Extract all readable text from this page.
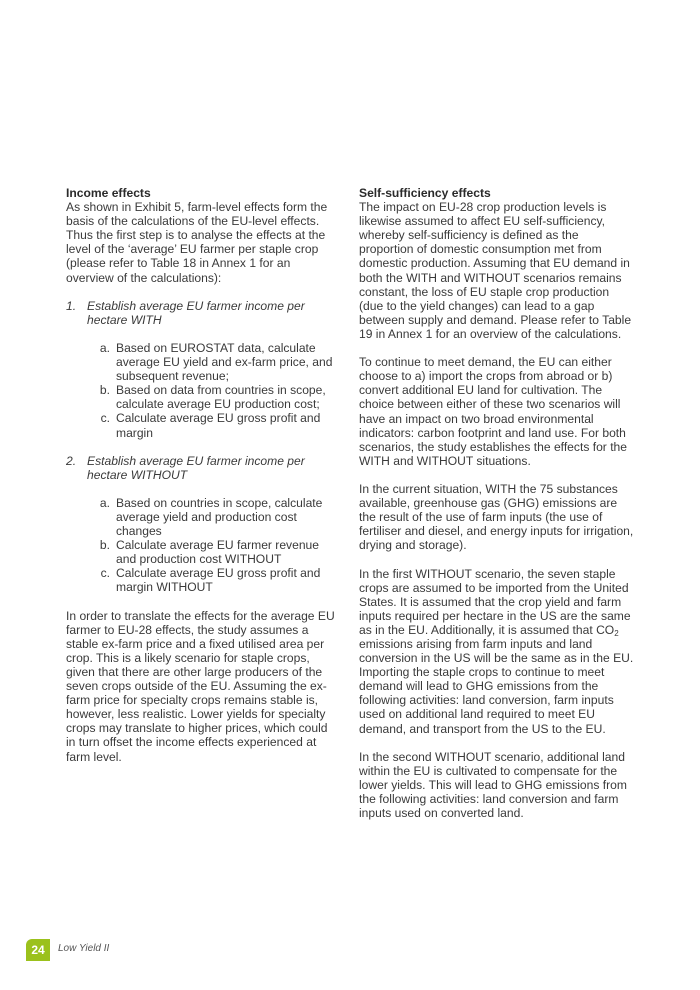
Income effects

As shown in Exhibit 5, farm-level effects form the basis of the calculations of the EU-level effects. Thus the first step is to analyse the effects at the level of the ‘average’ EU farmer per staple crop (please refer to Table 18 in Annex 1 for an overview of the calculations):

1. Establish average EU farmer income per hectare WITH
a. Based on EUROSTAT data, calculate average EU yield and ex-farm price, and subsequent revenue;
b. Based on data from countries in scope, calculate average EU production cost;
c. Calculate average EU gross profit and margin
2. Establish average EU farmer income per hectare WITHOUT
a. Based on countries in scope, calculate average yield and production cost changes
b. Calculate average EU farmer revenue and production cost WITHOUT
c. Calculate average EU gross profit and margin WITHOUT

In order to translate the effects for the average EU farmer to EU-28 effects, the study assumes a stable ex-farm price and a fixed utilised area per crop. This is a likely scenario for staple crops, given that there are other large producers of the seven crops outside of the EU. Assuming the ex-farm price for specialty crops remains stable is, however, less realistic. Lower yields for specialty crops may translate to higher prices, which could in turn offset the income effects experienced at farm level.

Self-sufficiency effects

The impact on EU-28 crop production levels is likewise assumed to affect EU self-sufficiency, whereby self-sufficiency is defined as the proportion of domestic consumption met from domestic production. Assuming that EU demand in both the WITH and WITHOUT scenarios remains constant, the loss of EU staple crop production (due to the yield changes) can lead to a gap between supply and demand. Please refer to Table 19 in Annex 1 for an overview of the calculations.

To continue to meet demand, the EU can either choose to a) import the crops from abroad or b) convert additional EU land for cultivation. The choice between either of these two scenarios will have an impact on two broad environmental indicators: carbon footprint and land use. For both scenarios, the study establishes the effects for the WITH and WITHOUT situations.

In the current situation, WITH the 75 substances available, greenhouse gas (GHG) emissions are the result of the use of farm inputs (the use of fertiliser and diesel, and energy inputs for irrigation, drying and storage).

In the first WITHOUT scenario, the seven staple crops are assumed to be imported from the United States. It is assumed that the crop yield and farm inputs required per hectare in the US are the same as in the EU. Additionally, it is assumed that $CO_2$ emissions arising from farm inputs and land conversion in the US will be the same as in the EU. Importing the staple crops to continue to meet demand will lead to GHG emissions from the following activities: land conversion, farm inputs used on additional land required to meet EU demand, and transport from the US to the EU.

In the second WITHOUT scenario, additional land within the EU is cultivated to compensate for the lower yields. This will lead to GHG emissions from the following activities: land conversion and farm inputs used on converted land.

24	Low Yield II
